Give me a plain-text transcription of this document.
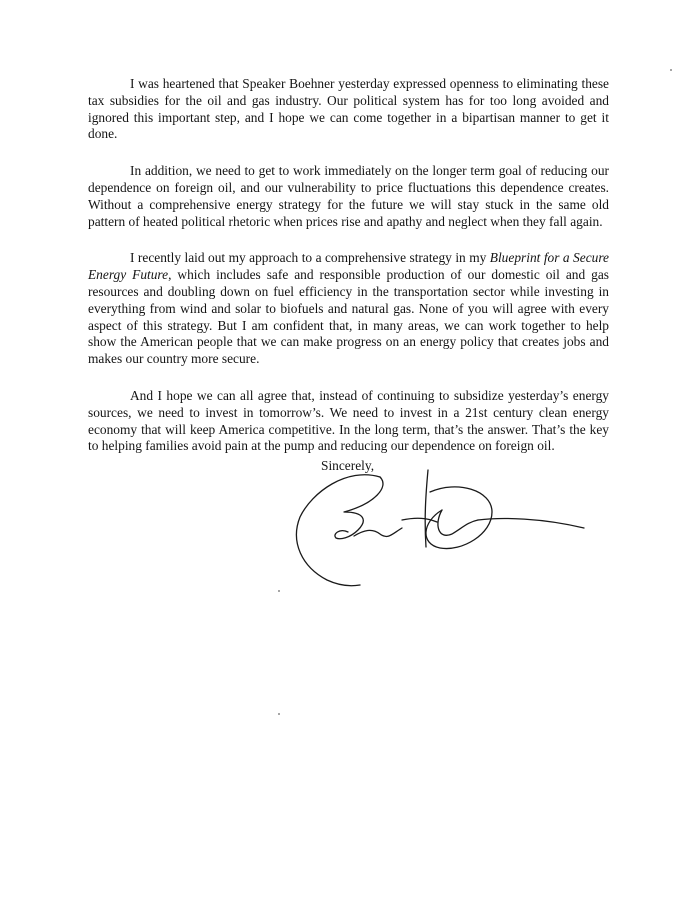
I was heartened that Speaker Boehner yesterday expressed openness to eliminating these tax subsidies for the oil and gas industry. Our political system has for too long avoided and ignored this important step, and I hope we can come together in a bipartisan manner to get it done.

In addition, we need to get to work immediately on the longer term goal of reducing our dependence on foreign oil, and our vulnerability to price fluctuations this dependence creates. Without a comprehensive energy strategy for the future we will stay stuck in the same old pattern of heated political rhetoric when prices rise and apathy and neglect when they fall again.

I recently laid out my approach to a comprehensive strategy in my Blueprint for a Secure Energy Future, which includes safe and responsible production of our domestic oil and gas resources and doubling down on fuel efficiency in the transportation sector while investing in everything from wind and solar to biofuels and natural gas. None of you will agree with every aspect of this strategy. But I am confident that, in many areas, we can work together to help show the American people that we can make progress on an energy policy that creates jobs and makes our country more secure.

And I hope we can all agree that, instead of continuing to subsidize yesterday’s energy sources, we need to invest in tomorrow’s. We need to invest in a 21st century clean energy economy that will keep America competitive. In the long term, that’s the answer. That’s the key to helping families avoid pain at the pump and reducing our dependence on foreign oil.

Sincerely,
